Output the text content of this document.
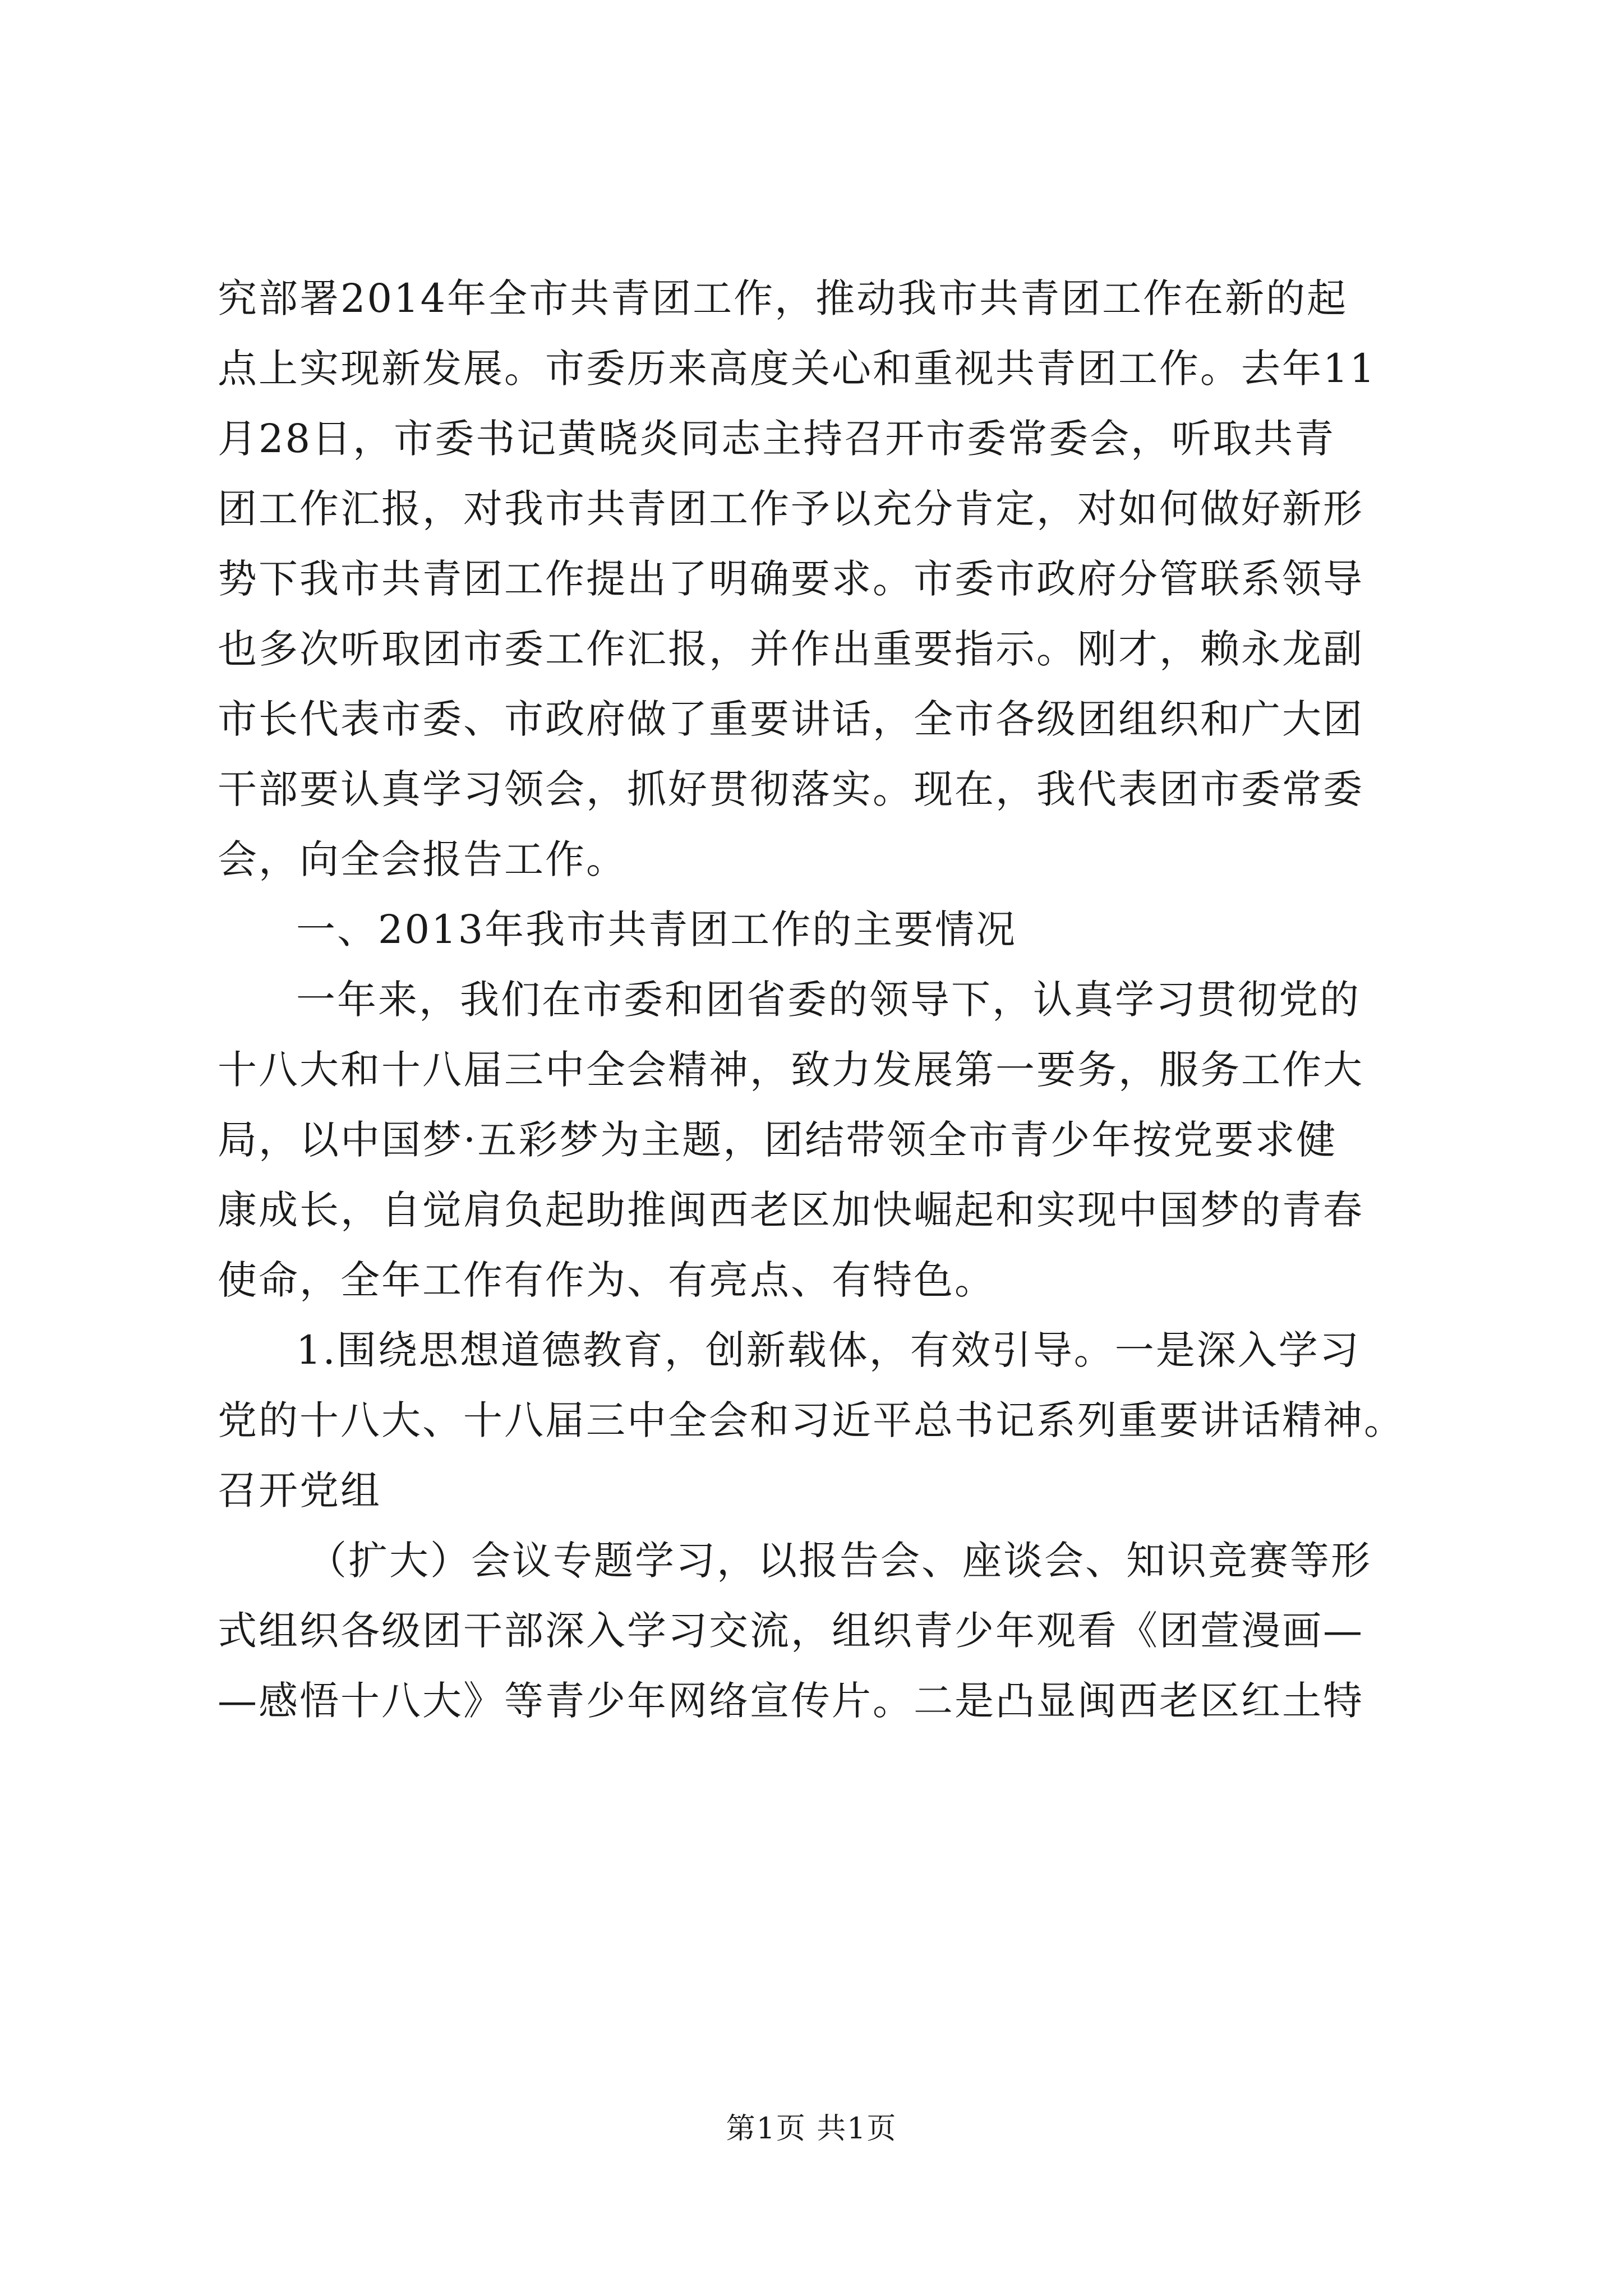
究部署2014年全市共青团工作，推动我市共青团工作在新的起
点上实现新发展。市委历来高度关心和重视共青团工作。去年11
月28日，市委书记黄晓炎同志主持召开市委常委会，听取共青
团工作汇报，对我市共青团工作予以充分肯定，对如何做好新形
势下我市共青团工作提出了明确要求。市委市政府分管联系领导
也多次听取团市委工作汇报，并作出重要指示。刚才，赖永龙副
市长代表市委、市政府做了重要讲话，全市各级团组织和广大团
干部要认真学习领会，抓好贯彻落实。现在，我代表团市委常委
会，向全会报告工作。
一、2013年我市共青团工作的主要情况
一年来，我们在市委和团省委的领导下，认真学习贯彻党的
十八大和十八届三中全会精神，致力发展第一要务，服务工作大
局，以中国梦·五彩梦为主题，团结带领全市青少年按党要求健
康成长，自觉肩负起助推闽西老区加快崛起和实现中国梦的青春
使命，全年工作有作为、有亮点、有特色。
1.围绕思想道德教育，创新载体，有效引导。一是深入学习
党的十八大、十八届三中全会和习近平总书记系列重要讲话精神。
召开党组
（扩大）会议专题学习，以报告会、座谈会、知识竞赛等形
式组织各级团干部深入学习交流，组织青少年观看《团萱漫画—
—感悟十八大》等青少年网络宣传片。二是凸显闽西老区红土特
第1页 共1页
